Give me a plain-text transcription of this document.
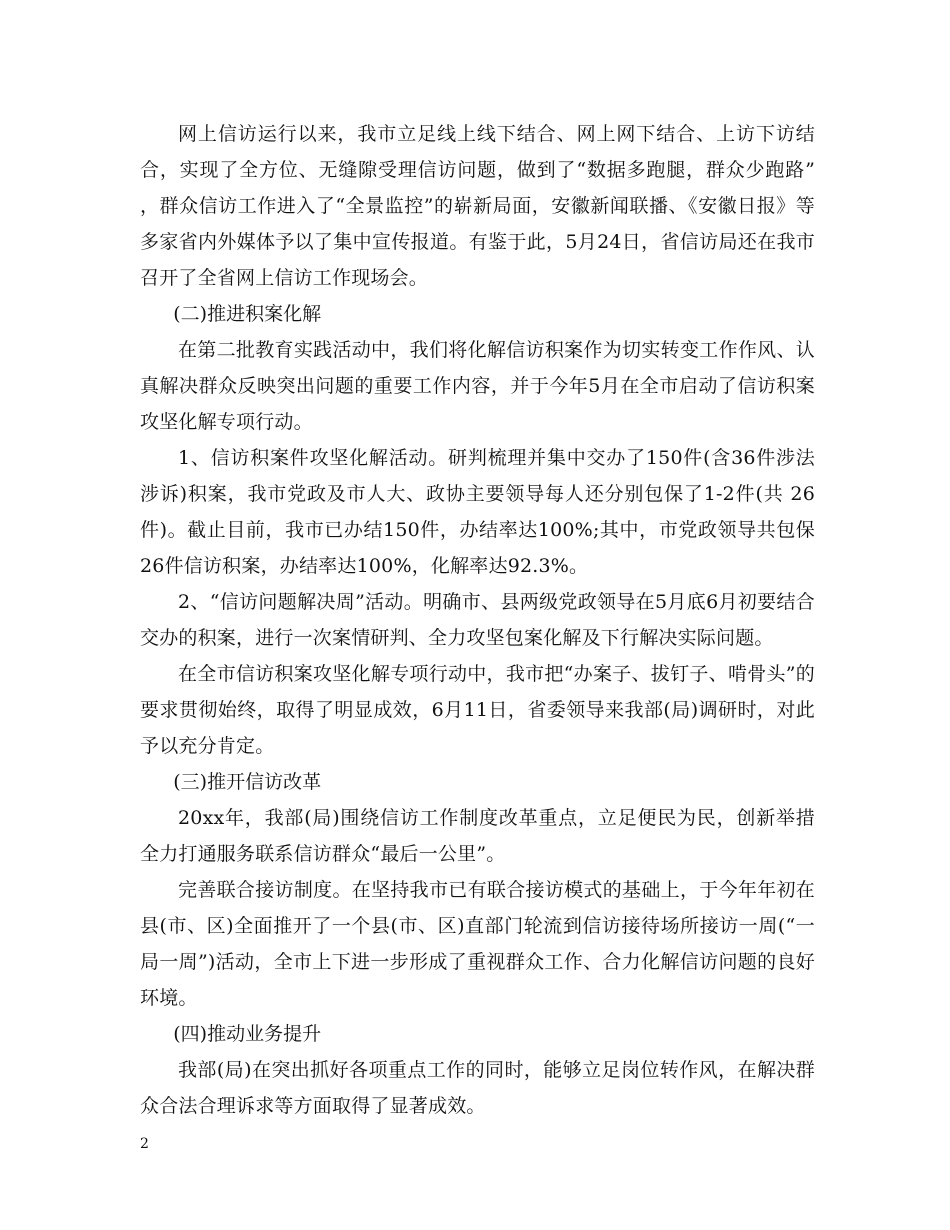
网上信访运行以来，我市立足线上线下结合、网上网下结合、上访下访结合，实现了全方位、无缝隙受理信访问题，做到了“数据多跑腿，群众少跑路” ，群众信访工作进入了“全景监控”的崭新局面，安徽新闻联播、《安徽日报》等多家省内外媒体予以了集中宣传报道。有鉴于此，5月24日，省信访局还在我市召开了全省网上信访工作现场会。

(二)推进积案化解

在第二批教育实践活动中，我们将化解信访积案作为切实转变工作作风、认真解决群众反映突出问题的重要工作内容，并于今年5月在全市启动了信访积案攻坚化解专项行动。

1、信访积案件攻坚化解活动。研判梳理并集中交办了150件(含36件涉法涉诉)积案，我市党政及市人大、政协主要领导每人还分别包保了1-2件(共 26件)。截止目前，我市已办结150件，办结率达100%;其中，市党政领导共包保26件信访积案，办结率达100%，化解率达92.3%。

2、“信访问题解决周”活动。明确市、县两级党政领导在5月底6月初要结合交办的积案，进行一次案情研判、全力攻坚包案化解及下行解决实际问题。

在全市信访积案攻坚化解专项行动中，我市把“办案子、拔钉子、啃骨头”的要求贯彻始终，取得了明显成效，6月11日，省委领导来我部(局)调研时，对此予以充分肯定。

(三)推开信访改革

20xx年，我部(局)围绕信访工作制度改革重点，立足便民为民，创新举措全力打通服务联系信访群众“最后一公里”。

完善联合接访制度。在坚持我市已有联合接访模式的基础上，于今年年初在县(市、区)全面推开了一个县(市、区)直部门轮流到信访接待场所接访一周(“一局一周”)活动，全市上下进一步形成了重视群众工作、合力化解信访问题的良好环境。

(四)推动业务提升

我部(局)在突出抓好各项重点工作的同时，能够立足岗位转作风，在解决群众合法合理诉求等方面取得了显著成效。

2
